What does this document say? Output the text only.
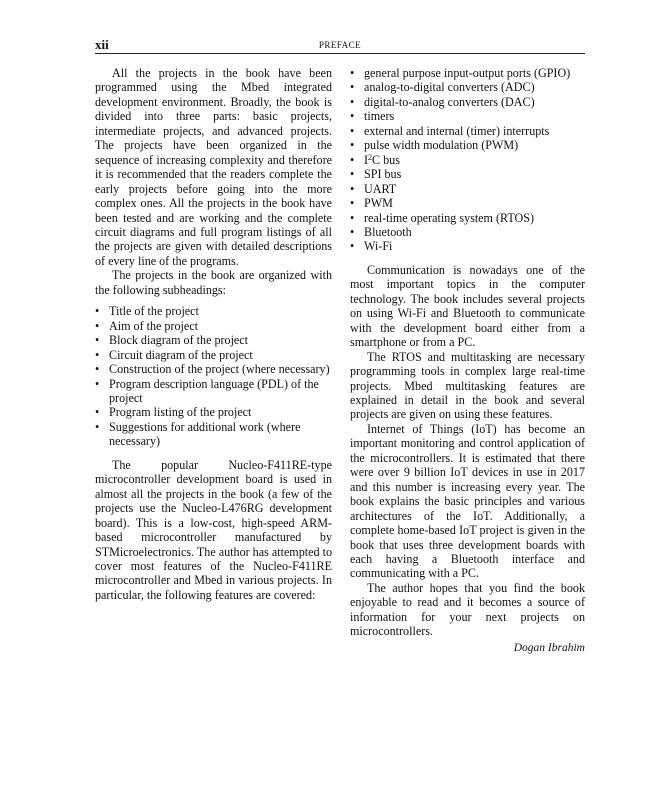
xii	PREFACE

All the projects in the book have been programmed using the Mbed integrated development environment. Broadly, the book is divided into three parts: basic projects, intermediate projects, and advanced projects. The projects have been organized in the sequence of increasing complexity and therefore it is recommended that the readers complete the early projects before going into the more complex ones. All the projects in the book have been tested and are working and the complete circuit diagrams and full program listings of all the projects are given with detailed descriptions of every line of the programs.

The projects in the book are organized with the following subheadings:

• Title of the project
• Aim of the project
• Block diagram of the project
• Circuit diagram of the project
• Construction of the project (where necessary)
• Program description language (PDL) of the project
• Program listing of the project
• Suggestions for additional work (where necessary)

The popular Nucleo-F411RE-type microcontroller development board is used in almost all the projects in the book (a few of the projects use the Nucleo-L476RG development board). This is a low-cost, high-speed ARM-based microcontroller manufactured by STMicroelectronics. The author has attempted to cover most features of the Nucleo-F411RE microcontroller and Mbed in various projects. In particular, the following features are covered:

• general purpose input-output ports (GPIO)
• analog-to-digital converters (ADC)
• digital-to-analog converters (DAC)
• timers
• external and internal (timer) interrupts
• pulse width modulation (PWM)
• $I^2C$ bus
• SPI bus
• UART
• PWM
• real-time operating system (RTOS)
• Bluetooth
• Wi-Fi

Communication is nowadays one of the most important topics in the computer technology. The book includes several projects on using Wi-Fi and Bluetooth to communicate with the development board either from a smartphone or from a PC.

The RTOS and multitasking are necessary programming tools in complex large real-time projects. Mbed multitasking features are explained in detail in the book and several projects are given on using these features.

Internet of Things (IoT) has become an important monitoring and control application of the microcontrollers. It is estimated that there were over 9 billion IoT devices in use in 2017 and this number is increasing every year. The book explains the basic principles and various architectures of the IoT. Additionally, a complete home-based IoT project is given in the book that uses three development boards with each having a Bluetooth interface and communicating with a PC.

The author hopes that you find the book enjoyable to read and it becomes a source of information for your next projects on microcontrollers.

Dogan Ibrahim
